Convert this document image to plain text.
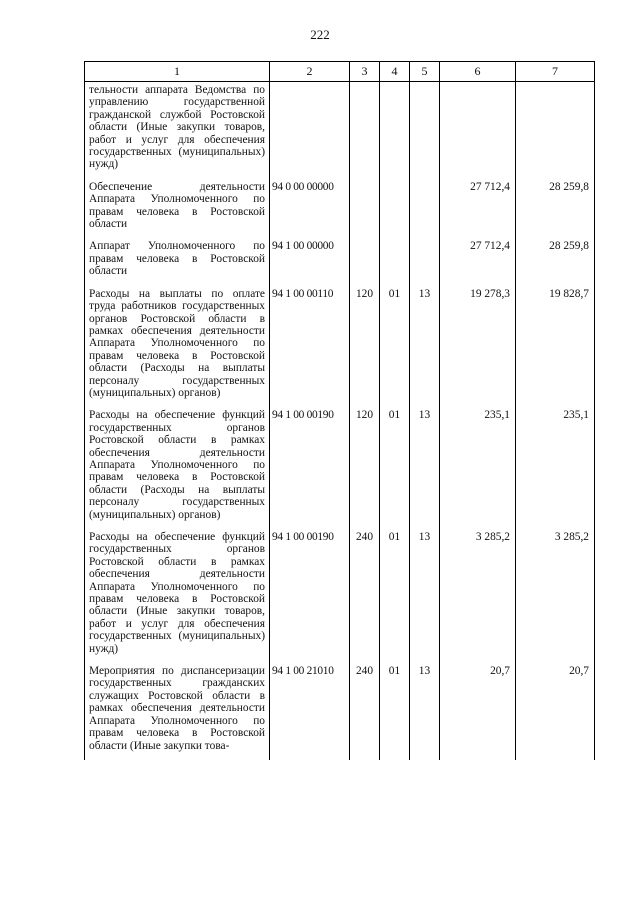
222
1	2	3	4	5	6	7
тельности аппарата Ведомства по управлению государственной гражданской службой Ростовской области (Иные закупки товаров, работ и услуг для обеспечения государственных (муниципальных) нужд)						
Обеспечение деятельности Аппарата Уполномоченного по правам человека в Ростовской области	94 0 00 00000				27 712,4	28 259,8
Аппарат Уполномоченного по правам человека в Ростовской области	94 1 00 00000				27 712,4	28 259,8
Расходы на выплаты по оплате труда работников государственных органов Ростовской области в рамках обеспечения деятельности Аппарата Уполномоченного по правам человека в Ростовской области (Расходы на выплаты персоналу государственных (муниципальных) органов)	94 1 00 00110	120	01	13	19 278,3	19 828,7
Расходы на обеспечение функций государственных органов Ростовской области в рамках обеспечения деятельности Аппарата Уполномоченного по правам человека в Ростовской области (Расходы на выплаты персоналу государственных (муниципальных) органов)	94 1 00 00190	120	01	13	235,1	235,1
Расходы на обеспечение функций государственных органов Ростовской области в рамках обеспечения деятельности Аппарата Уполномоченного по правам человека в Ростовской области (Иные закупки товаров, работ и услуг для обеспечения государственных (муниципальных) нужд)	94 1 00 00190	240	01	13	3 285,2	3 285,2
Мероприятия по диспансеризации государственных гражданских служащих Ростовской области в рамках обеспечения деятельности Аппарата Уполномоченного по правам человека в Ростовской области (Иные закупки това-	94 1 00 21010	240	01	13	20,7	20,7
